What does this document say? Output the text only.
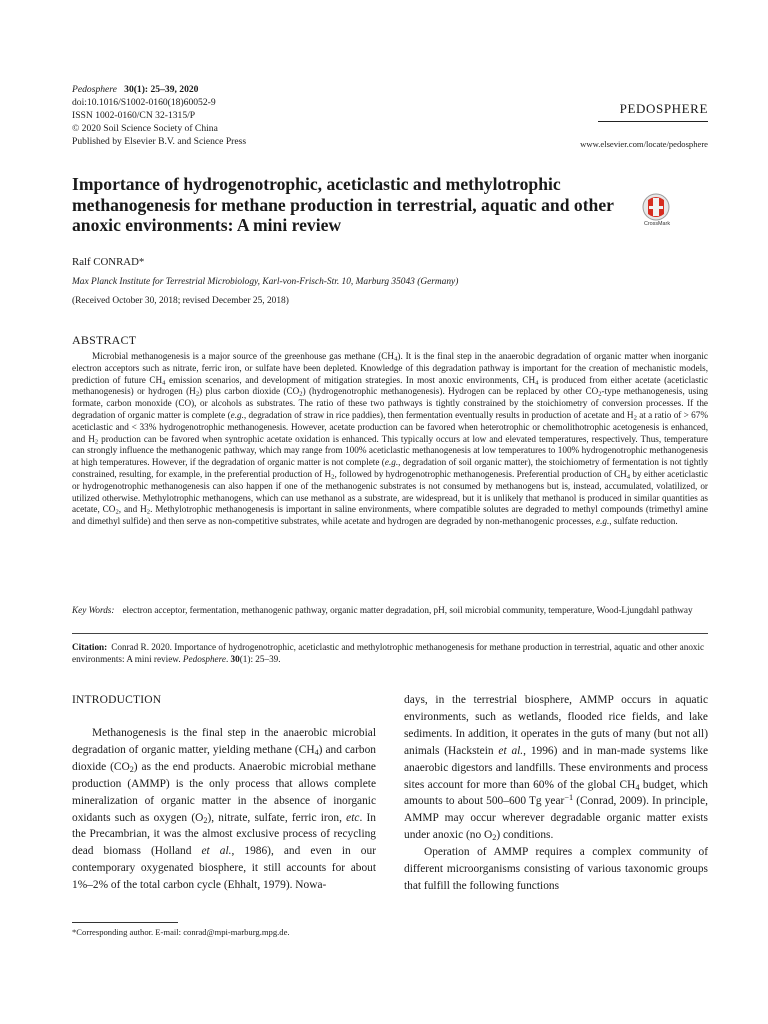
Pedosphere 30(1): 25–39, 2020
doi:10.1016/S1002-0160(18)60052-9
ISSN 1002-0160/CN 32-1315/P
© 2020 Soil Science Society of China
Published by Elsevier B.V. and Science Press
PEDOSPHERE
www.elsevier.com/locate/pedosphere
Importance of hydrogenotrophic, aceticlastic and methylotrophic methanogenesis for methane production in terrestrial, aquatic and other anoxic environments: A mini review	CrossMark
Ralf CONRAD*
Max Planck Institute for Terrestrial Microbiology, Karl-von-Frisch-Str. 10, Marburg 35043 (Germany)
(Received October 30, 2018; revised December 25, 2018)
ABSTRACT

Microbial methanogenesis is a major source of the greenhouse gas methane $(CH_4)$. It is the final step in the anaerobic degradation of organic matter when inorganic electron acceptors such as nitrate, ferric iron, or sulfate have been depleted. Knowledge of this degradation pathway is important for the creation of mechanistic models, prediction of future $CH_4$ emission scenarios, and development of mitigation strategies. In most anoxic environments, $CH_4$ is produced from either acetate (aceticlastic methanogenesis) or hydrogen $(H_2)$ plus carbon dioxide $(CO_2)$ (hydrogenotrophic methanogenesis). Hydrogen can be replaced by other $CO_2$-type methanogenesis, using formate, carbon monoxide (CO), or alcohols as substrates. The ratio of these two pathways is tightly constrained by the stoichiometry of conversion processes. If the degradation of organic matter is complete (e.g., degradation of straw in rice paddies), then fermentation eventually results in production of acetate and $H_2$ at a ratio of > 67% aceticlastic and < 33% hydrogenotrophic methanogenesis. However, acetate production can be favored when heterotrophic or chemolithotrophic acetogenesis is enhanced, and $H_2$ production can be favored when syntrophic acetate oxidation is enhanced. This typically occurs at low and elevated temperatures, respectively. Thus, temperature can strongly influence the methanogenic pathway, which may range from 100% aceticlastic methanogenesis at low temperatures to 100% hydrogenotrophic methanogenesis at high temperatures. However, if the degradation of organic matter is not complete (e.g., degradation of soil organic matter), the stoichiometry of fermentation is not tightly constrained, resulting, for example, in the preferential production of $H_2$, followed by hydrogenotrophic methanogenesis. Preferential production of $CH_4$ by either aceticlastic or hydrogenotrophic methanogenesis can also happen if one of the methanogenic substrates is not consumed by methanogens but is, instead, accumulated, volatilized, or utilized otherwise. Methylotrophic methanogens, which can use methanol as a substrate, are widespread, but it is unlikely that methanol is produced in similar quantities as acetate, $CO_2$, and $H_2$. Methylotrophic methanogenesis is important in saline environments, where compatible solutes are degraded to methyl compounds (trimethyl amine and dimethyl sulfide) and then serve as non-competitive substrates, while acetate and hydrogen are degraded by non-methanogenic processes, e.g., sulfate reduction.

Key Words: electron acceptor, fermentation, methanogenic pathway, organic matter degradation, pH, soil microbial community, temperature, Wood-Ljungdahl pathway
Citation: Conrad R. 2020. Importance of hydrogenotrophic, aceticlastic and methylotrophic methanogenesis for methane production in terrestrial, aquatic and other anoxic environments: A mini review. Pedosphere. 30(1): 25–39.
INTRODUCTION

Methanogenesis is the final step in the anaerobic microbial degradation of organic matter, yielding methane $(CH_4)$ and carbon dioxide $(CO_2)$ as the end products. Anaerobic microbial methane production (AMMP) is the only process that allows complete mineralization of organic matter in the absence of inorganic oxidants such as oxygen $(O_2)$, nitrate, sulfate, ferric iron, etc. In the Precambrian, it was the almost exclusive process of recycling dead biomass (Holland et al., 1986), and even in our contemporary oxygenated biosphere, it still accounts for about 1%–2% of the total carbon cycle (Ehhalt, 1979). Nowa-

days, in the terrestrial biosphere, AMMP occurs in aquatic environments, such as wetlands, flooded rice fields, and lake sediments. In addition, it operates in the guts of many (but not all) animals (Hackstein et al., 1996) and in man-made systems like anaerobic digestors and landfills. These environments and process sites account for more than 60% of the global $CH_4$ budget, which amounts to about 500–600 Tg year$^{-1}$ (Conrad, 2009). In principle, AMMP may occur wherever degradable organic matter exists under anoxic (no $O_2$) conditions.

Operation of AMMP requires a complex community of different microorganisms consisting of various taxonomic groups that fulfill the following functions

*Corresponding author. E-mail: conrad@mpi-marburg.mpg.de.
